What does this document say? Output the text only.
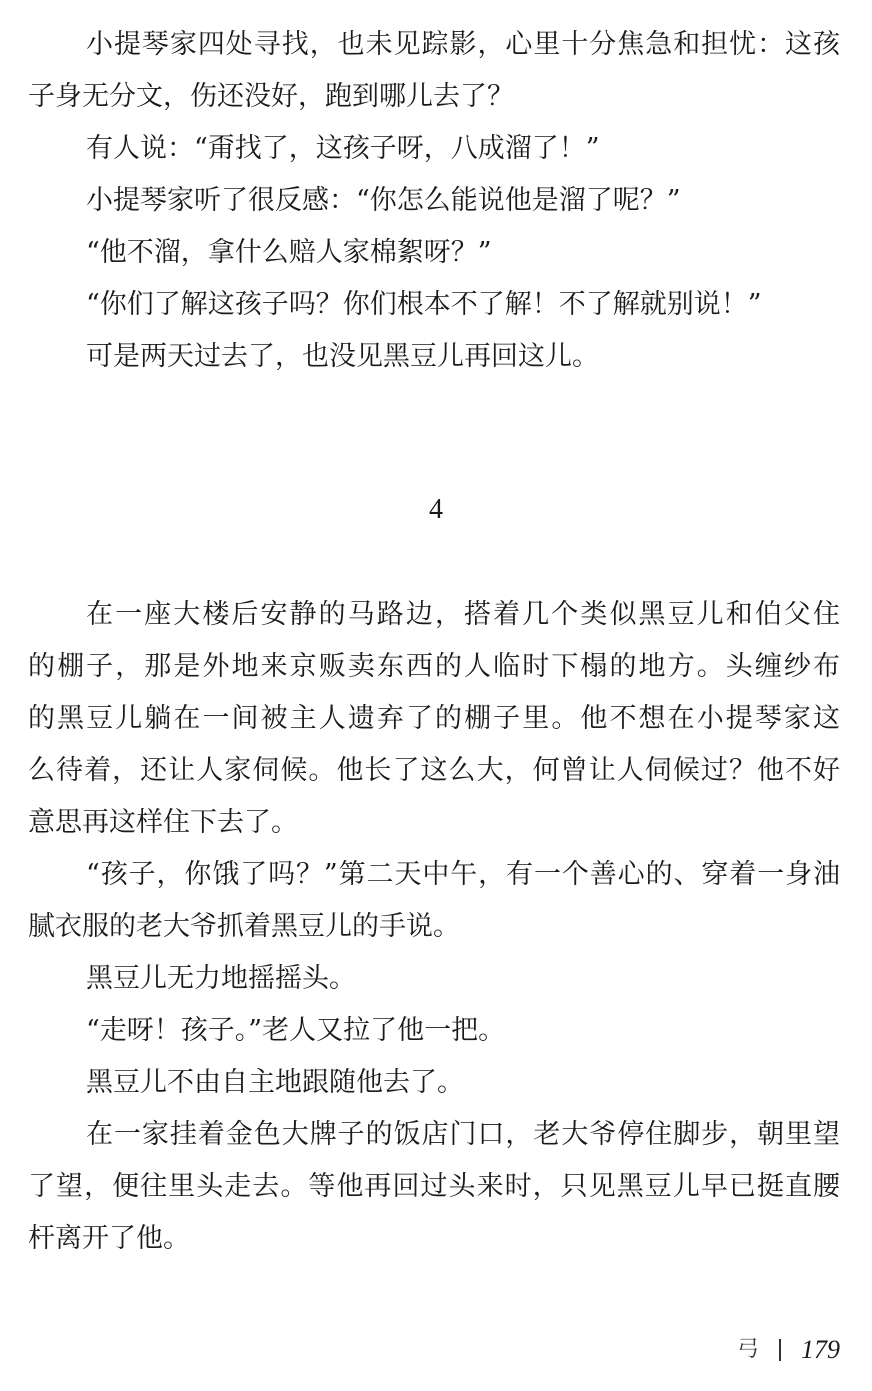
小提琴家四处寻找，也未见踪影，心里十分焦急和担忧：这孩
子身无分文，伤还没好，跑到哪儿去了？
有人说：“甭找了，这孩子呀，八成溜了！”
小提琴家听了很反感：“你怎么能说他是溜了呢？”
“他不溜，拿什么赔人家棉絮呀？”
“你们了解这孩子吗？你们根本不了解！不了解就别说！”
可是两天过去了，也没见黑豆儿再回这儿。
4
在一座大楼后安静的马路边，搭着几个类似黑豆儿和伯父住
的棚子，那是外地来京贩卖东西的人临时下榻的地方。头缠纱布
的黑豆儿躺在一间被主人遗弃了的棚子里。他不想在小提琴家这
么待着，还让人家伺候。他长了这么大，何曾让人伺候过？他不好
意思再这样住下去了。
“孩子，你饿了吗？”第二天中午，有一个善心的、穿着一身油
腻衣服的老大爷抓着黑豆儿的手说。
黑豆儿无力地摇摇头。
“走呀！孩子。”老人又拉了他一把。
黑豆儿不由自主地跟随他去了。
在一家挂着金色大牌子的饭店门口，老大爷停住脚步，朝里望
了望，便往里头走去。等他再回过头来时，只见黑豆儿早已挺直腰
杆离开了他。
弓 179
